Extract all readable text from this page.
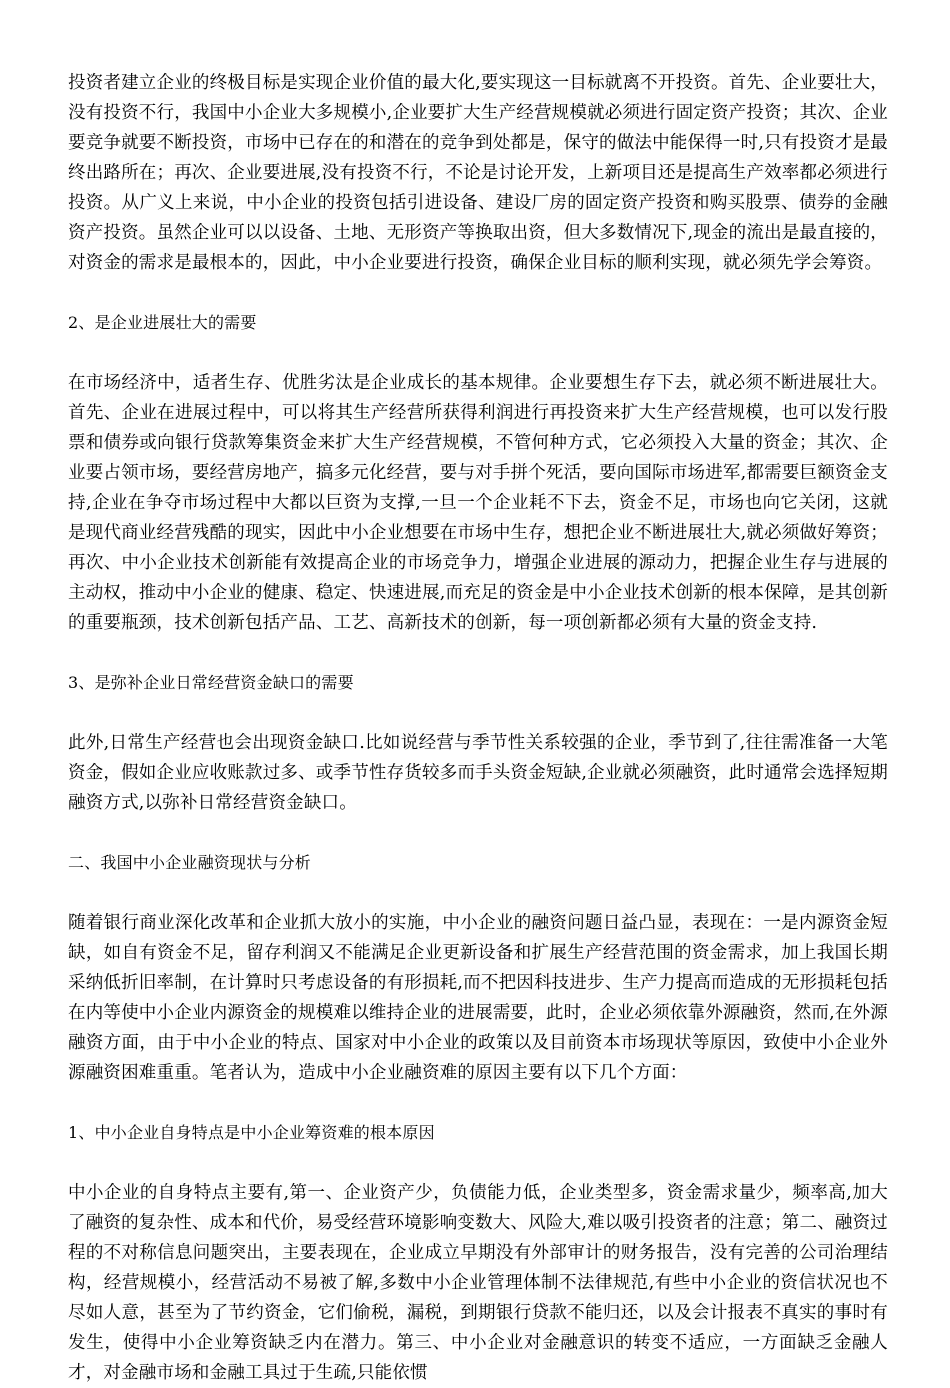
投资者建立企业的终极目标是实现企业价值的最大化,要实现这一目标就离不开投资。首先、企业要壮大，没有投资不行，我国中小企业大多规模小,企业要扩大生产经营规模就必须进行固定资产投资；其次、企业要竞争就要不断投资，市场中已存在的和潜在的竞争到处都是，保守的做法中能保得一时,只有投资才是最终出路所在；再次、企业要进展,没有投资不行，不论是讨论开发，上新项目还是提高生产效率都必须进行投资。从广义上来说，中小企业的投资包括引进设备、建设厂房的固定资产投资和购买股票、债券的金融资产投资。虽然企业可以以设备、土地、无形资产等换取出资，但大多数情况下,现金的流出是最直接的，对资金的需求是最根本的，因此，中小企业要进行投资，确保企业目标的顺利实现，就必须先学会筹资。

2、是企业进展壮大的需要

在市场经济中，适者生存、优胜劣汰是企业成长的基本规律。企业要想生存下去，就必须不断进展壮大。首先、企业在进展过程中，可以将其生产经营所获得利润进行再投资来扩大生产经营规模，也可以发行股票和债券或向银行贷款筹集资金来扩大生产经营规模，不管何种方式，它必须投入大量的资金；其次、企业要占领市场，要经营房地产，搞多元化经营，要与对手拼个死活，要向国际市场进军,都需要巨额资金支持,企业在争夺市场过程中大都以巨资为支撑,一旦一个企业耗不下去，资金不足，市场也向它关闭，这就是现代商业经营残酷的现实，因此中小企业想要在市场中生存，想把企业不断进展壮大,就必须做好筹资；再次、中小企业技术创新能有效提高企业的市场竞争力，增强企业进展的源动力，把握企业生存与进展的主动权，推动中小企业的健康、稳定、快速进展,而充足的资金是中小企业技术创新的根本保障，是其创新的重要瓶颈，技术创新包括产品、工艺、高新技术的创新，每一项创新都必须有大量的资金支持.

3、是弥补企业日常经营资金缺口的需要

此外,日常生产经营也会出现资金缺口.比如说经营与季节性关系较强的企业，季节到了,往往需准备一大笔资金，假如企业应收账款过多、或季节性存货较多而手头资金短缺,企业就必须融资，此时通常会选择短期融资方式,以弥补日常经营资金缺口。

二、我国中小企业融资现状与分析

随着银行商业深化改革和企业抓大放小的实施，中小企业的融资问题日益凸显，表现在：一是内源资金短缺，如自有资金不足，留存利润又不能满足企业更新设备和扩展生产经营范围的资金需求，加上我国长期采纳低折旧率制，在计算时只考虑设备的有形损耗,而不把因科技进步、生产力提高而造成的无形损耗包括在内等使中小企业内源资金的规模难以维持企业的进展需要，此时，企业必须依靠外源融资，然而,在外源融资方面，由于中小企业的特点、国家对中小企业的政策以及目前资本市场现状等原因，致使中小企业外源融资困难重重。笔者认为，造成中小企业融资难的原因主要有以下几个方面：

1、中小企业自身特点是中小企业筹资难的根本原因

中小企业的自身特点主要有,第一、企业资产少，负债能力低，企业类型多，资金需求量少，频率高,加大了融资的复杂性、成本和代价，易受经营环境影响变数大、风险大,难以吸引投资者的注意；第二、融资过程的不对称信息问题突出，主要表现在，企业成立早期没有外部审计的财务报告，没有完善的公司治理结构，经营规模小，经营活动不易被了解,多数中小企业管理体制不法律规范,有些中小企业的资信状况也不尽如人意，甚至为了节约资金，它们偷税，漏税，到期银行贷款不能归还，以及会计报表不真实的事时有发生，使得中小企业筹资缺乏内在潜力。第三、中小企业对金融意识的转变不适应，一方面缺乏金融人才，对金融市场和金融工具过于生疏,只能依惯
